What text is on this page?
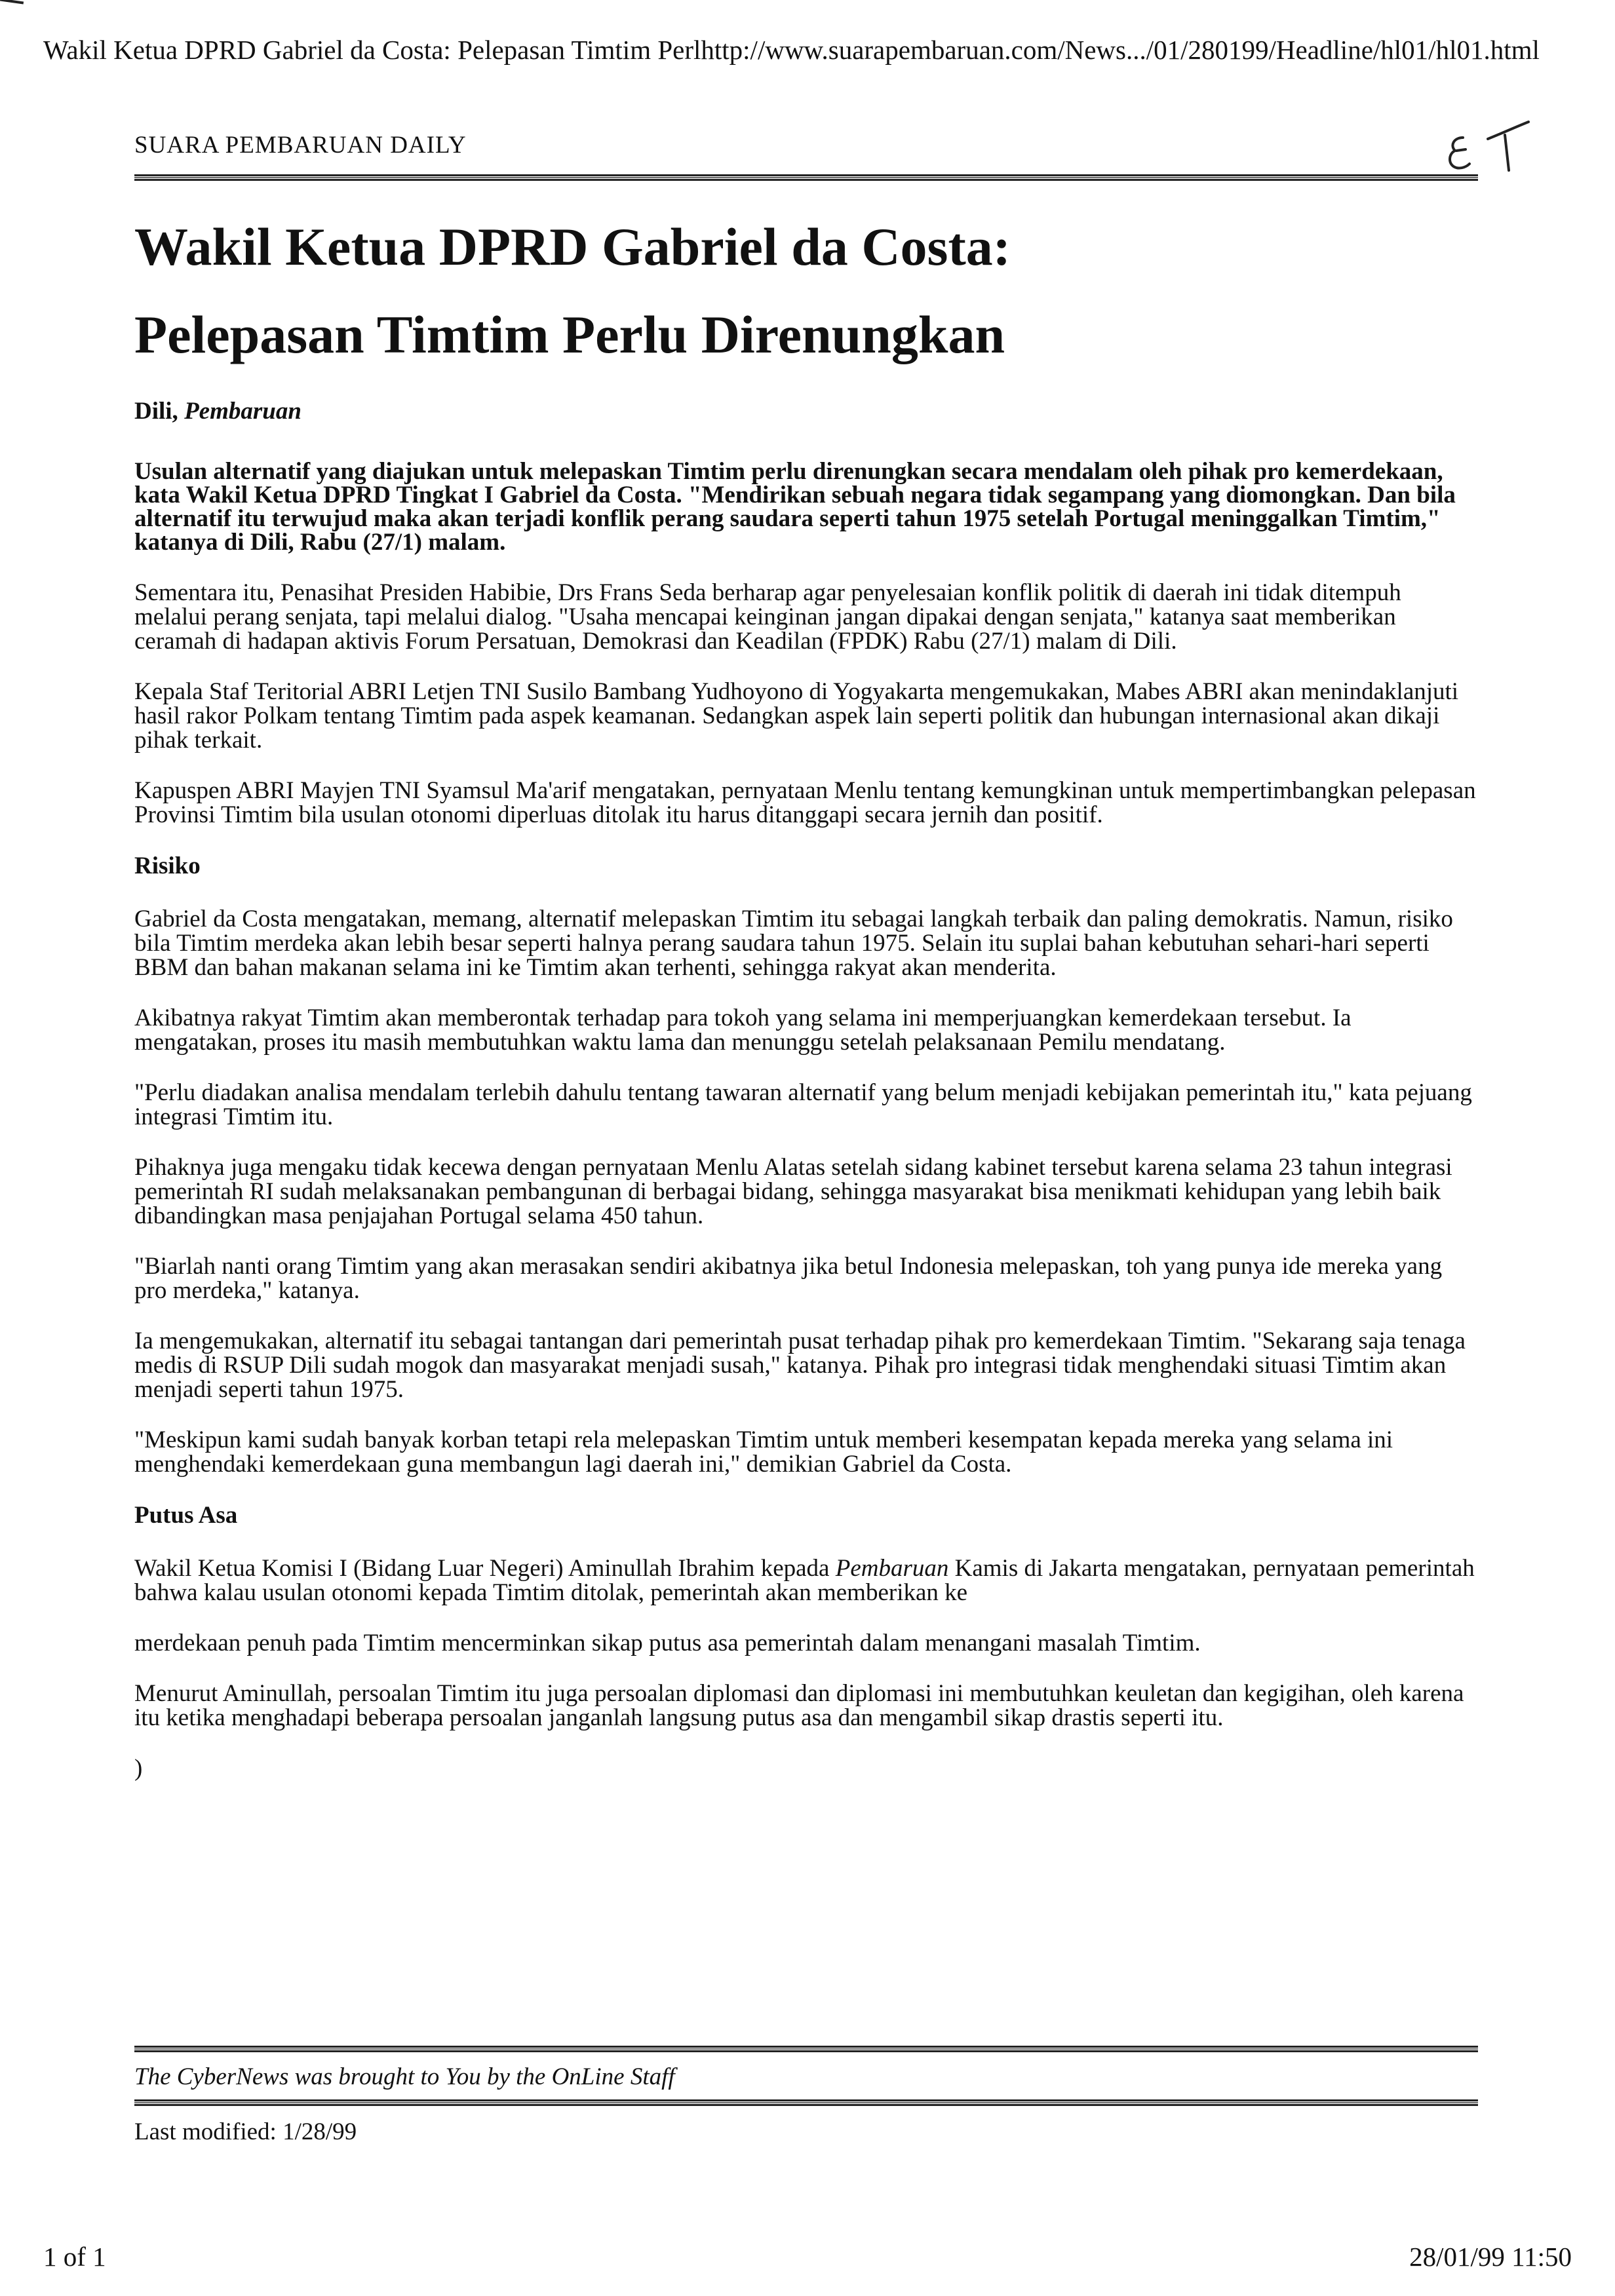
Wakil Ketua DPRD Gabriel da Costa: Pelepasan Timtim Perlhttp://www.suarapembaruan.com/News.../01/280199/Headline/hl01/hl01.html
SUARA PEMBARUAN DAILY
Wakil Ketua DPRD Gabriel da Costa:
Pelepasan Timtim Perlu Direnungkan
Dili, Pembaruan

Usulan alternatif yang diajukan untuk melepaskan Timtim perlu direnungkan secara mendalam oleh pihak pro kemerdekaan, kata Wakil Ketua DPRD Tingkat I Gabriel da Costa. "Mendirikan sebuah negara tidak segampang yang diomongkan. Dan bila alternatif itu terwujud maka akan terjadi konflik perang saudara seperti tahun 1975 setelah Portugal meninggalkan Timtim," katanya di Dili, Rabu (27/1) malam.

Sementara itu, Penasihat Presiden Habibie, Drs Frans Seda berharap agar penyelesaian konflik politik di daerah ini tidak ditempuh melalui perang senjata, tapi melalui dialog. "Usaha mencapai keinginan jangan dipakai dengan senjata," katanya saat memberikan ceramah di hadapan aktivis Forum Persatuan, Demokrasi dan Keadilan (FPDK) Rabu (27/1) malam di Dili.

Kepala Staf Teritorial ABRI Letjen TNI Susilo Bambang Yudhoyono di Yogyakarta mengemukakan, Mabes ABRI akan menindaklanjuti hasil rakor Polkam tentang Timtim pada aspek keamanan. Sedangkan aspek lain seperti politik dan hubungan internasional akan dikaji pihak terkait.

Kapuspen ABRI Mayjen TNI Syamsul Ma'arif mengatakan, pernyataan Menlu tentang kemungkinan untuk mempertimbangkan pelepasan Provinsi Timtim bila usulan otonomi diperluas ditolak itu harus ditanggapi secara jernih dan positif.

Risiko

Gabriel da Costa mengatakan, memang, alternatif melepaskan Timtim itu sebagai langkah terbaik dan paling demokratis. Namun, risiko bila Timtim merdeka akan lebih besar seperti halnya perang saudara tahun 1975. Selain itu suplai bahan kebutuhan sehari-hari seperti BBM dan bahan makanan selama ini ke Timtim akan terhenti, sehingga rakyat akan menderita.

Akibatnya rakyat Timtim akan memberontak terhadap para tokoh yang selama ini memperjuangkan kemerdekaan tersebut. Ia mengatakan, proses itu masih membutuhkan waktu lama dan menunggu setelah pelaksanaan Pemilu mendatang.

"Perlu diadakan analisa mendalam terlebih dahulu tentang tawaran alternatif yang belum menjadi kebijakan pemerintah itu," kata pejuang integrasi Timtim itu.

Pihaknya juga mengaku tidak kecewa dengan pernyataan Menlu Alatas setelah sidang kabinet tersebut karena selama 23 tahun integrasi pemerintah RI sudah melaksanakan pembangunan di berbagai bidang, sehingga masyarakat bisa menikmati kehidupan yang lebih baik dibandingkan masa penjajahan Portugal selama 450 tahun.

"Biarlah nanti orang Timtim yang akan merasakan sendiri akibatnya jika betul Indonesia melepaskan, toh yang punya ide mereka yang pro merdeka," katanya.

Ia mengemukakan, alternatif itu sebagai tantangan dari pemerintah pusat terhadap pihak pro kemerdekaan Timtim. "Sekarang saja tenaga medis di RSUP Dili sudah mogok dan masyarakat menjadi susah," katanya. Pihak pro integrasi tidak menghendaki situasi Timtim akan menjadi seperti tahun 1975.

"Meskipun kami sudah banyak korban tetapi rela melepaskan Timtim untuk memberi kesempatan kepada mereka yang selama ini menghendaki kemerdekaan guna membangun lagi daerah ini," demikian Gabriel da Costa.

Putus Asa

Wakil Ketua Komisi I (Bidang Luar Negeri) Aminullah Ibrahim kepada Pembaruan Kamis di Jakarta mengatakan, pernyataan pemerintah bahwa kalau usulan otonomi kepada Timtim ditolak, pemerintah akan memberikan ke

merdekaan penuh pada Timtim mencerminkan sikap putus asa pemerintah dalam menangani masalah Timtim.

Menurut Aminullah, persoalan Timtim itu juga persoalan diplomasi dan diplomasi ini membutuhkan keuletan dan kegigihan, oleh karena itu ketika menghadapi beberapa persoalan janganlah langsung putus asa dan mengambil sikap drastis seperti itu.

)

The CyberNews was brought to You by the OnLine Staff
Last modified: 1/28/99
1 of 1	28/01/99 11:50
